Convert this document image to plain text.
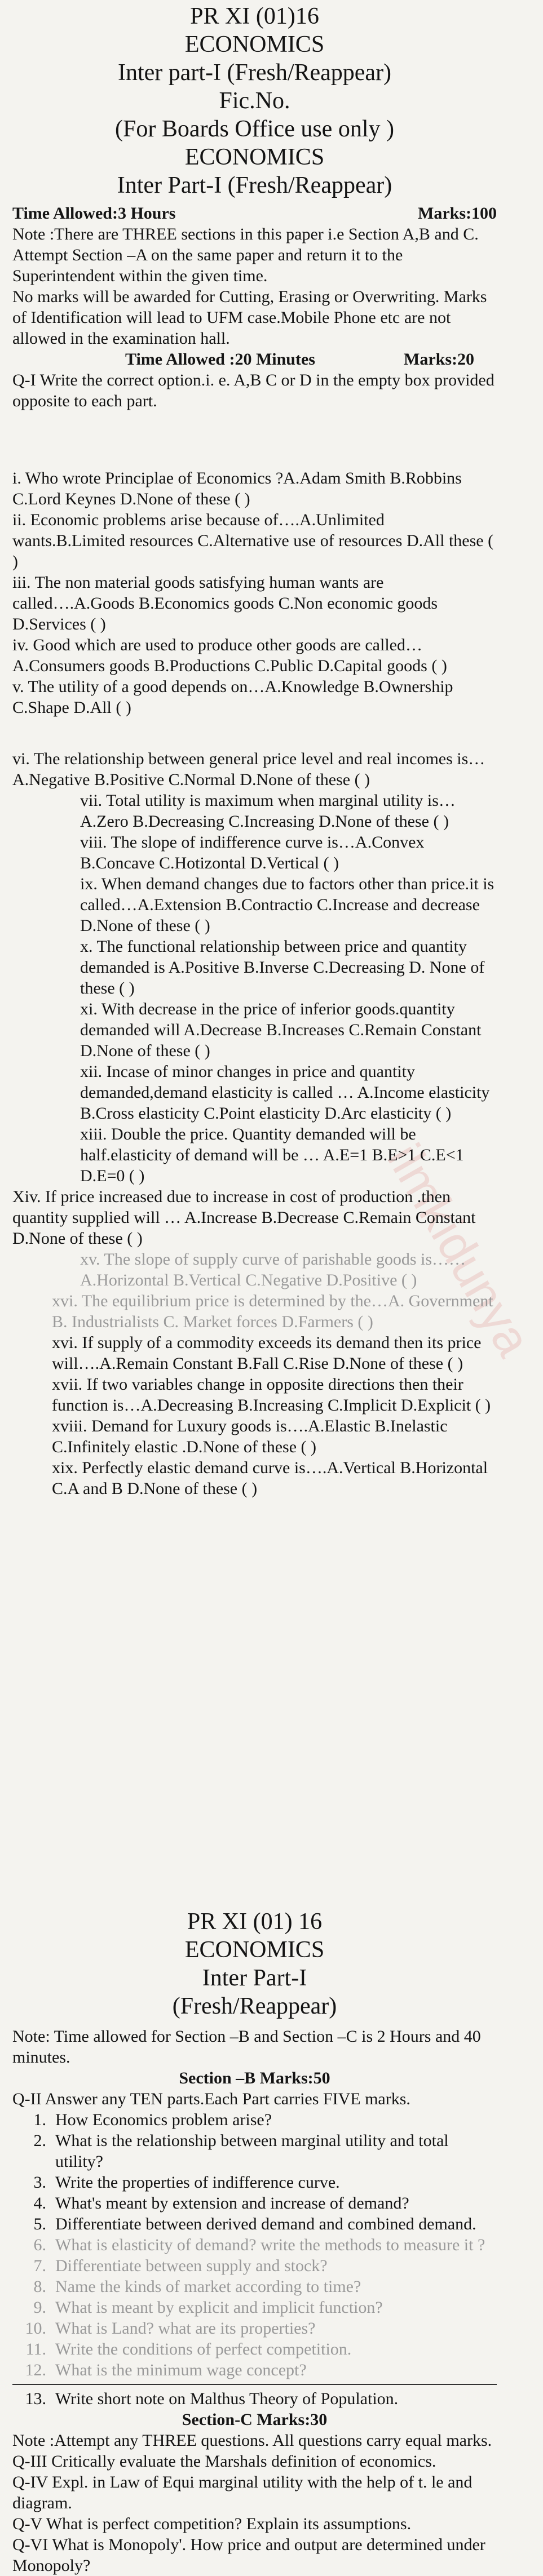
ilmkidunya

PR XI (01)16

ECONOMICS

Inter part-I (Fresh/Reappear)

Fic.No.

(For Boards Office use only )

ECONOMICS

Inter Part-I (Fresh/Reappear)

Time Allowed:3 Hours	Marks:100
Note :There are THREE sections in this paper i.e Section A,B and C.
Attempt Section –A on the same paper and return it to the Superintendent within the given time.
No marks will be awarded for Cutting, Erasing or Overwriting. Marks of Identification will lead to UFM case.Mobile Phone etc are not allowed in the examination hall.
Time Allowed :20 Minutes	Marks:20
Q-I Write the correct option.i. e. A,B C or D in the empty box provided opposite to each part.
i. Who wrote Principlae of Economics ?A.Adam Smith B.Robbins C.Lord Keynes D.None of these ( )
ii. Economic problems arise because of….A.Unlimited wants.B.Limited resources C.Alternative use of resources D.All these ( )
iii. The non material goods satisfying human wants are called….A.Goods B.Economics goods C.Non economic goods D.Services ( )
iv. Good which are used to produce other goods are called…A.Consumers goods B.Productions C.Public D.Capital goods ( )
v. The utility of a good depends on…A.Knowledge B.Ownership C.Shape D.All ( )
vi. The relationship between general price level and real incomes is…A.Negative B.Positive C.Normal D.None of these ( )
vii. Total utility is maximum when marginal utility is…A.Zero B.Decreasing C.Increasing D.None of these ( )
viii. The slope of indifference curve is…A.Convex B.Concave C.Hotizontal D.Vertical ( )
ix. When demand changes due to factors other than price.it is called…A.Extension B.Contractio C.Increase and decrease D.None of these ( )
x. The functional relationship between price and quantity demanded is A.Positive B.Inverse C.Decreasing D. None of these ( )
xi. With decrease in the price of inferior goods.quantity demanded will A.Decrease B.Increases C.Remain Constant D.None of these ( )
xii. Incase of minor changes in price and quantity demanded,demand elasticity is called … A.Income elasticity B.Cross elasticity C.Point elasticity D.Arc elasticity ( )
xiii. Double the price. Quantity demanded will be half.elasticity of demand will be … A.E=1 B.E>1 C.E<1 D.E=0 ( )
Xiv. If price increased due to increase in cost of production .then quantity supplied will … A.Increase B.Decrease C.Remain Constant D.None of these ( )
xv. The slope of supply curve of parishable goods is……A.Horizontal B.Vertical C.Negative D.Positive ( )
xvi. The equilibrium price is determined by the…A. Government B. Industrialists C. Market forces D.Farmers ( )
xvi. If supply of a commodity exceeds its demand then its price will….A.Remain Constant B.Fall C.Rise D.None of these ( )
xvii. If two variables change in opposite directions then their function is…A.Decreasing B.Increasing C.Implicit D.Explicit ( )
xviii. Demand for Luxury goods is….A.Elastic B.Inelastic C.Infinitely elastic .D.None of these ( )
xix. Perfectly elastic demand curve is….A.Vertical B.Horizontal C.A and B D.None of these ( )

PR XI (01) 16

ECONOMICS

Inter Part-I

(Fresh/Reappear)

Note: Time allowed for Section –B and Section –C is 2 Hours and 40 minutes.
Section –B Marks:50
Q-II Answer any TEN parts.Each Part carries FIVE marks.
1. How Economics problem arise?
2. What is the relationship between marginal utility and total utility?
3. Write the properties of indifference curve.
4. What's meant by extension and increase of demand?
5. Differentiate between derived demand and combined demand.
6. What is elasticity of demand? write the methods to measure it ?
7. Differentiate between supply and stock?
8. Name the kinds of market according to time?
9. What is meant by explicit and implicit function?
10. What is Land? what are its properties?
11. Write the conditions of perfect competition.
12. What is the minimum wage concept?
13. Write short note on Malthus Theory of Population.
Section-C Marks:30
Note :Attempt any THREE questions. All questions carry equal marks.
Q-III Critically evaluate the Marshals definition of economics.
Q-IV Expl. in Law of Equi marginal utility with the help of t. le and diagram.
Q-V What is perfect competition? Explain its assumptions.
Q-VI What is Monopoly'. How price and output are determined under Monopoly?
